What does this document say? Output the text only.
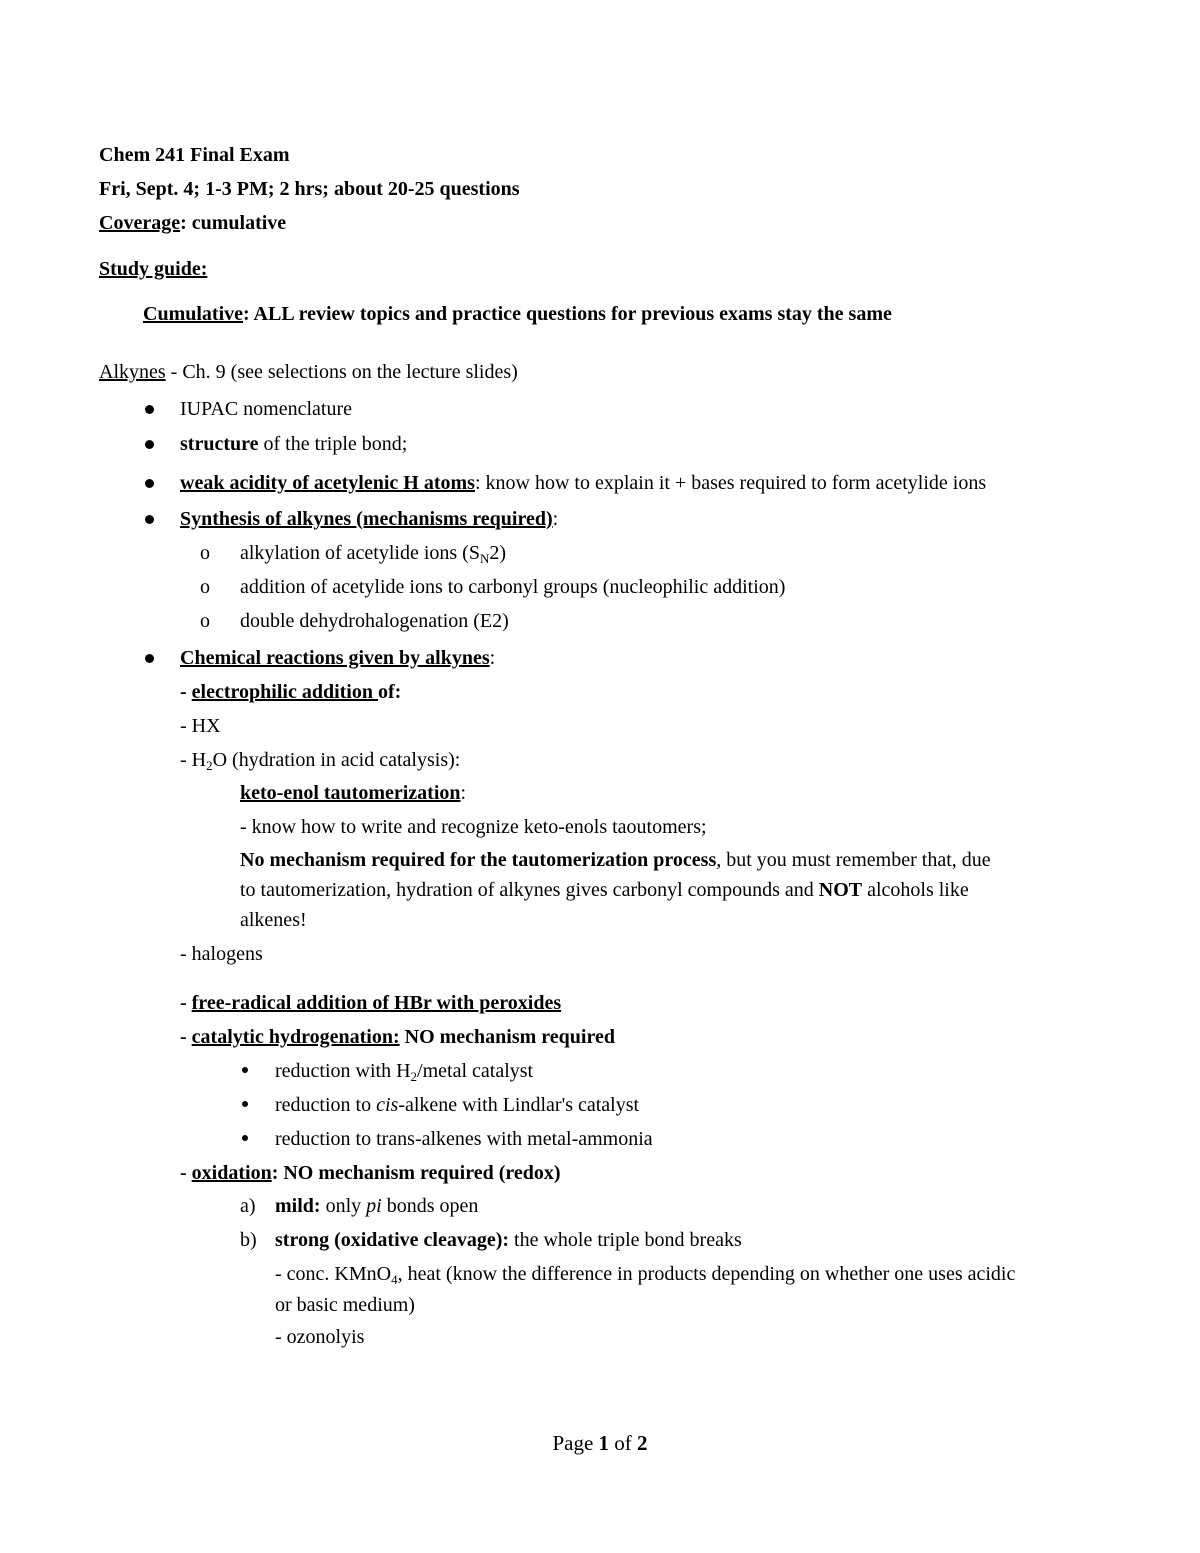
Chem 241 Final Exam
Fri, Sept. 4; 1-3 PM; 2 hrs; about 20-25 questions
Coverage: cumulative
Study guide:
Cumulative: ALL review topics and practice questions for previous exams stay the same
Alkynes - Ch. 9 (see selections on the lecture slides)
IUPAC nomenclature
structure of the triple bond;
weak acidity of acetylenic H atoms: know how to explain it + bases required to form acetylide ions
Synthesis of alkynes (mechanisms required):
o alkylation of acetylide ions $(S_N2)$
o addition of acetylide ions to carbonyl groups (nucleophilic addition)
o double dehydrohalogenation (E2)
Chemical reactions given by alkynes:
- electrophilic addition of:
- HX
- $H_2O$ (hydration in acid catalysis):
keto-enol tautomerization:
- know how to write and recognize keto-enols taoutomers;
No mechanism required for the tautomerization process, but you must remember that, due
to tautomerization, hydration of alkynes gives carbonyl compounds and NOT alcohols like
alkenes!
- halogens
- free-radical addition of HBr with peroxides
- catalytic hydrogenation: NO mechanism required
reduction with $H_2$/metal catalyst
reduction to cis-alkene with Lindlar's catalyst
reduction to trans-alkenes with metal-ammonia
- oxidation: NO mechanism required (redox)
a) mild: only pi bonds open
b) strong (oxidative cleavage): the whole triple bond breaks
- conc. KMnO$_4$, heat (know the difference in products depending on whether one uses acidic
or basic medium)
- ozonolyis
Page 1 of 2
